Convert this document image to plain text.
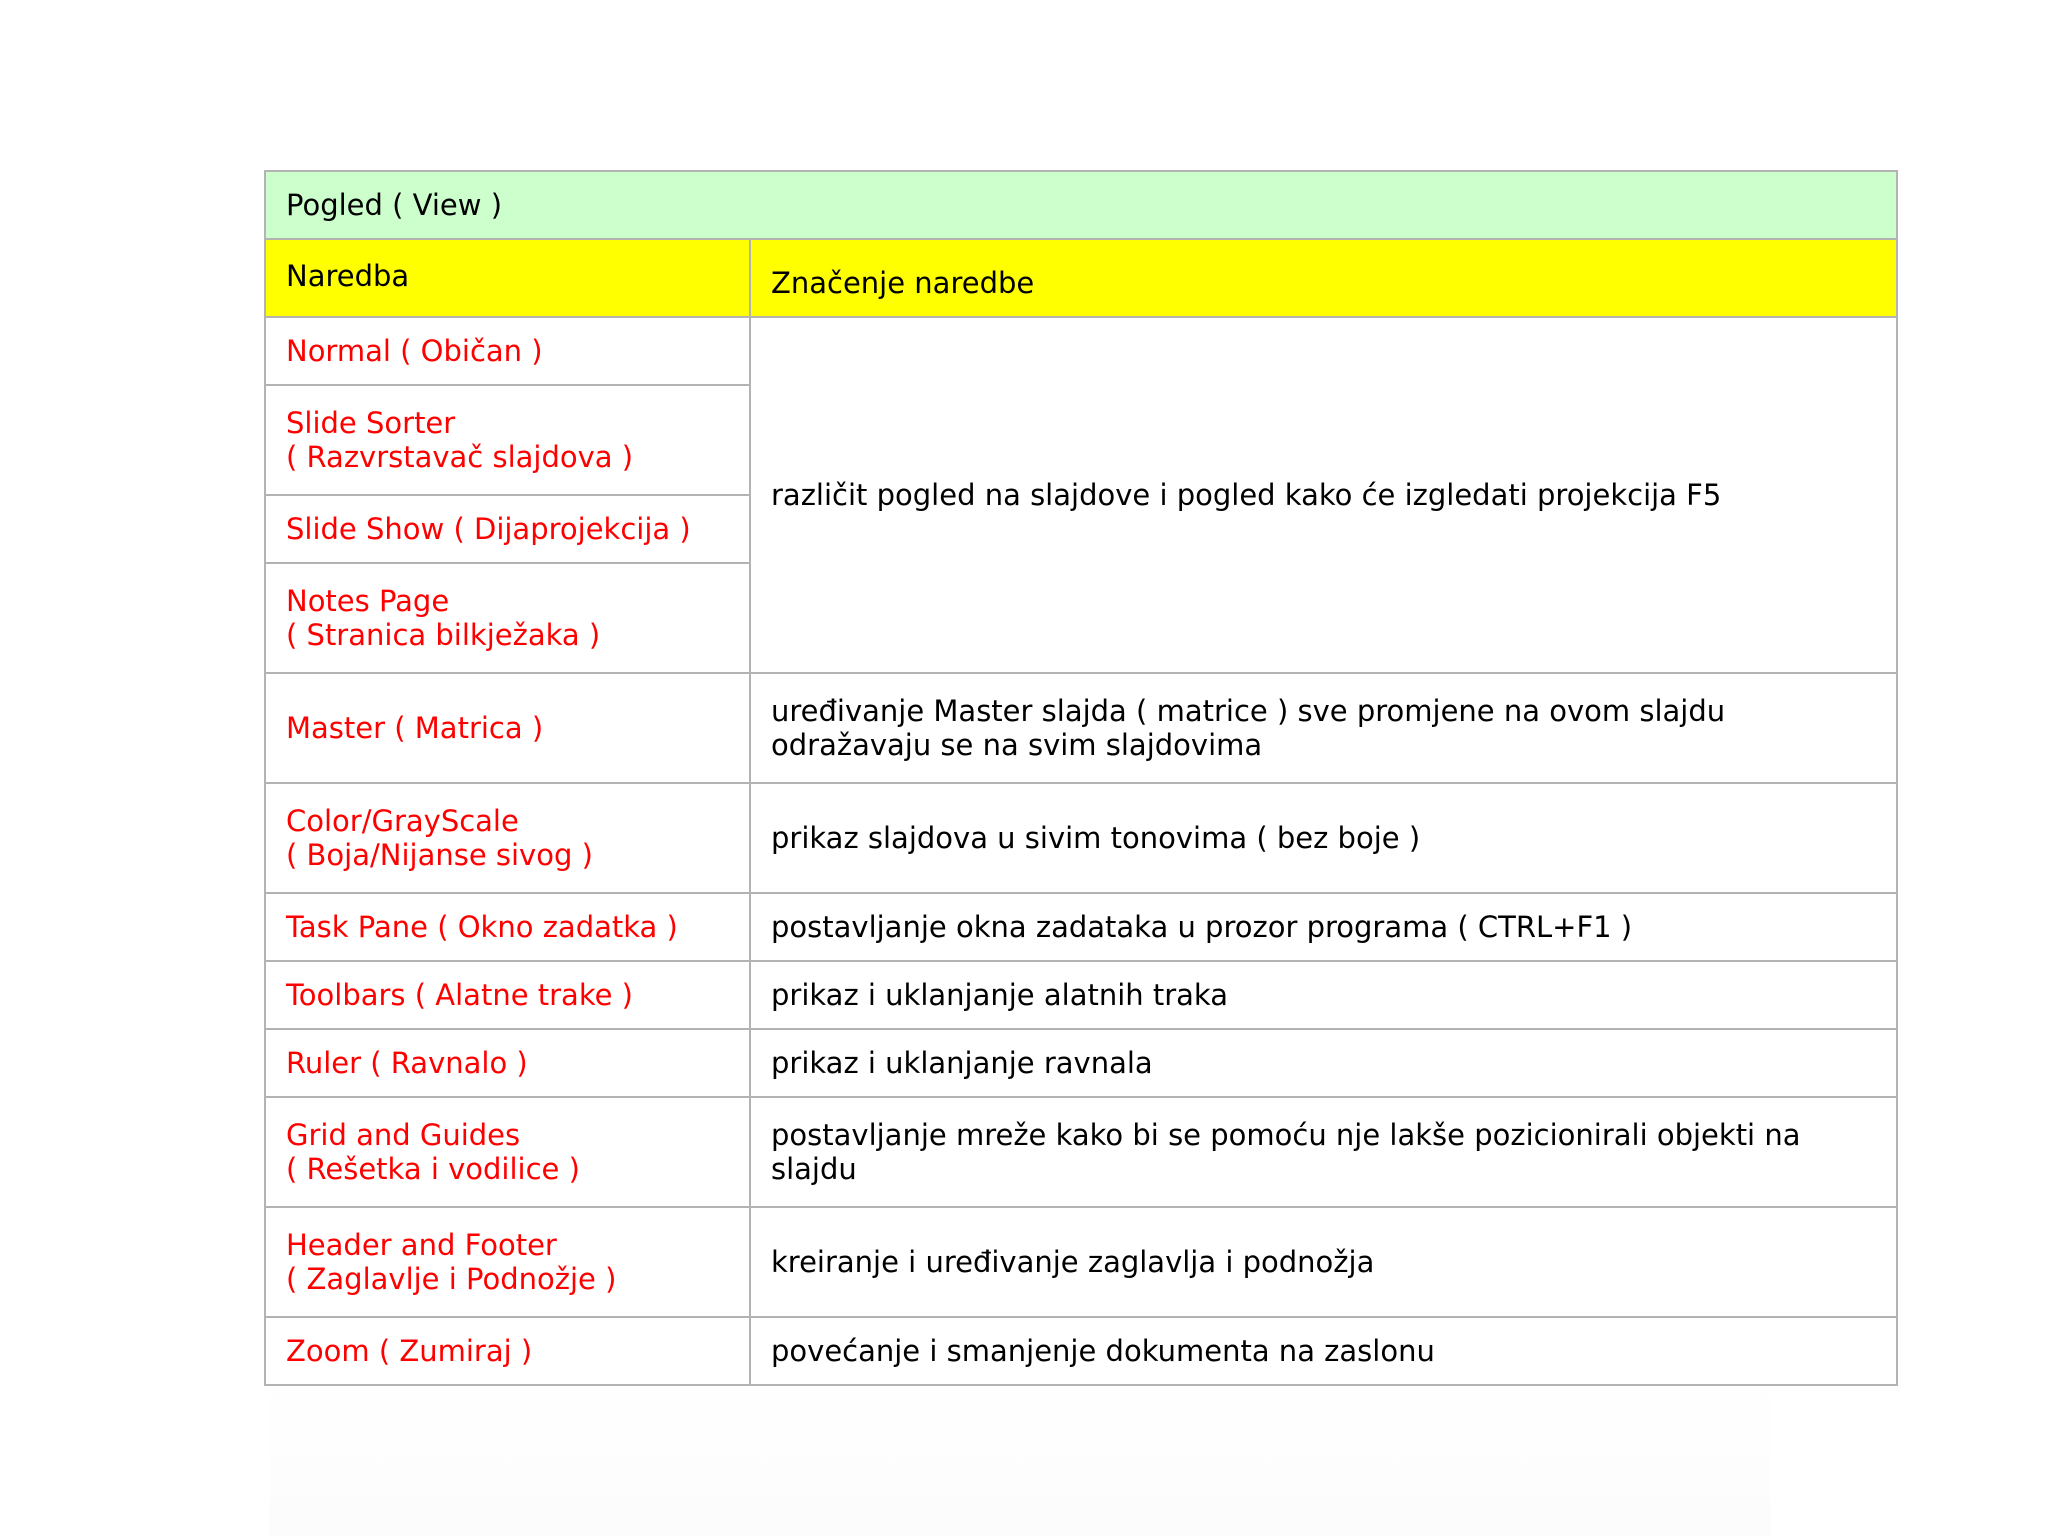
Pogled ( View )	
Naredba	Značenje naredbe

Normal ( Običan )	različit pogled na slajdove i pogled kako će izgledati projekcija F5

Slide Sorter
( Razvrstavač slajdova )	

Slide Show ( Dijaprojekcija )	

Notes Page
( Stranica bilkježaka )	

Master ( Matrica )	uređivanje Master slajda ( matrice ) sve promjene na ovom slajdu
odražavaju se na svim slajdovima

Color/GrayScale
( Boja/Nijanse sivog )	prikaz slajdova u sivim tonovima ( bez boje )

Task Pane ( Okno zadatka )	postavljanje okna zadataka u prozor programa ( CTRL+F1 )

Toolbars ( Alatne trake )	prikaz i uklanjanje alatnih traka

Ruler ( Ravnalo )	prikaz i uklanjanje ravnala

Grid and Guides
( Rešetka i vodilice )	postavljanje mreže kako bi se pomoću nje lakše pozicionirali objekti na
slajdu

Header and Footer
( Zaglavlje i Podnožje )	kreiranje i uređivanje zaglavlja i podnožja

Zoom ( Zumiraj )	povećanje i smanjenje dokumenta na zaslonu
